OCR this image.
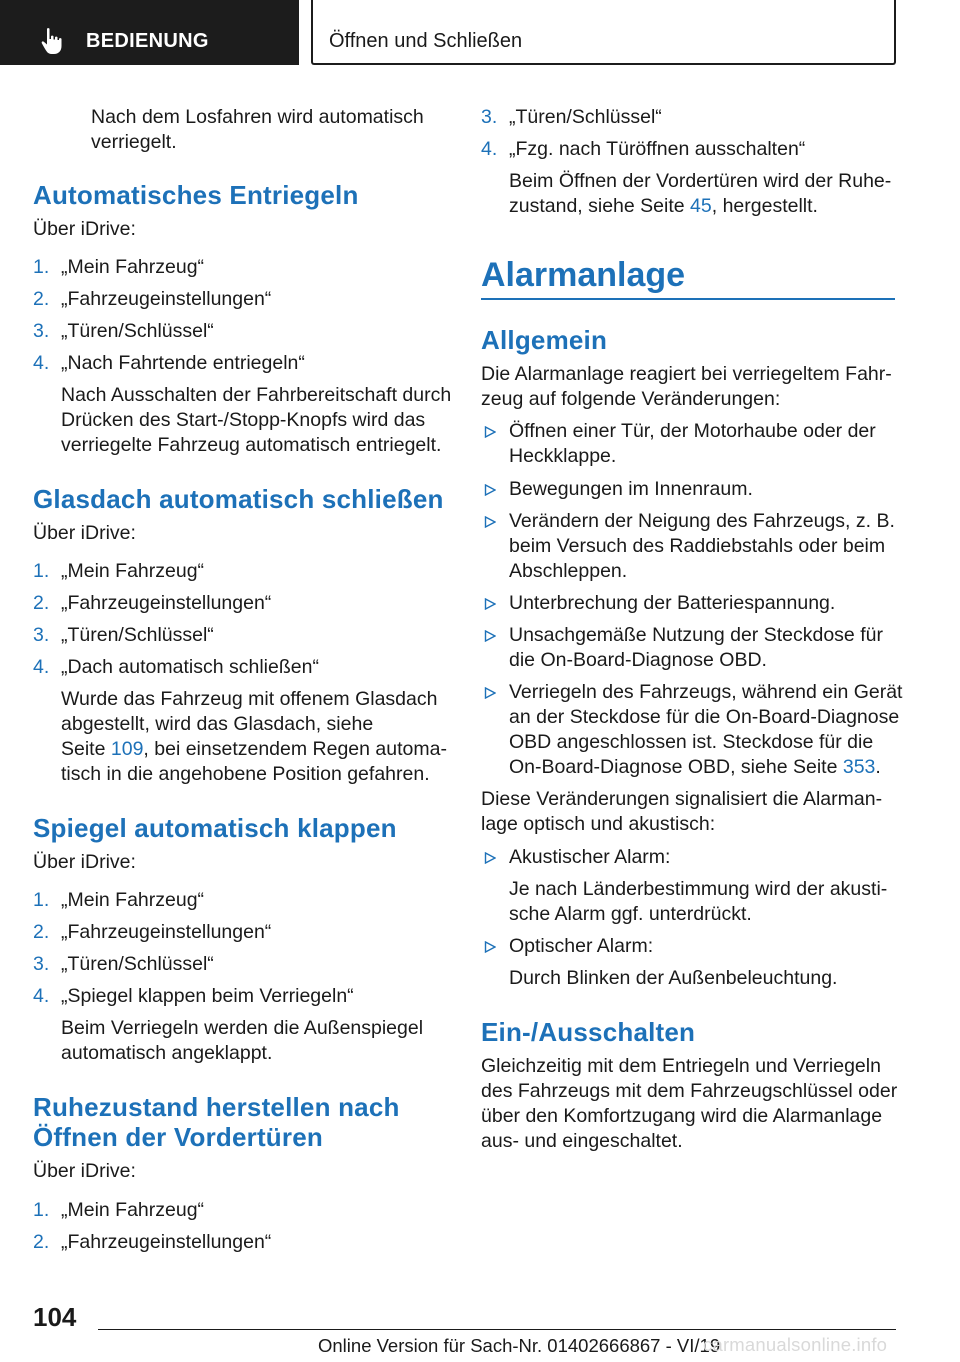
BEDIENUNG	Öffnen und Schließen
Nach dem Losfahren wird automatisch
verriegelt.
Automatisches Entriegeln
Über iDrive:
1. „Mein Fahrzeug“
2. „Fahrzeugeinstellungen“
3. „Türen/Schlüssel“
4. „Nach Fahrtende entriegeln“
Nach Ausschalten der Fahrbereitschaft durch
Drücken des Start-/Stopp-Knopfs wird das
verriegelte Fahrzeug automatisch entriegelt.
Glasdach automatisch schließen
Über iDrive:
1. „Mein Fahrzeug“
2. „Fahrzeugeinstellungen“
3. „Türen/Schlüssel“
4. „Dach automatisch schließen“
Wurde das Fahrzeug mit offenem Glasdach
abgestellt, wird das Glasdach, siehe
Seite 109, bei einsetzendem Regen automa‐
tisch in die angehobene Position gefahren.
Spiegel automatisch klappen
Über iDrive:
1. „Mein Fahrzeug“
2. „Fahrzeugeinstellungen“
3. „Türen/Schlüssel“
4. „Spiegel klappen beim Verriegeln“
Beim Verriegeln werden die Außenspiegel
automatisch angeklappt.
Ruhezustand herstellen nach
Öffnen der Vordertüren
Über iDrive:
1. „Mein Fahrzeug“
2. „Fahrzeugeinstellungen“
3. „Türen/Schlüssel“
4. „Fzg. nach Türöffnen ausschalten“
Beim Öffnen der Vordertüren wird der Ruhe‐
zustand, siehe Seite 45, hergestellt.
Alarmanlage
Allgemein
Die Alarmanlage reagiert bei verriegeltem Fahr‐
zeug auf folgende Veränderungen:
Öffnen einer Tür, der Motorhaube oder der
Heckklappe.
Bewegungen im Innenraum.
Verändern der Neigung des Fahrzeugs, z. B.
beim Versuch des Raddiebstahls oder beim
Abschleppen.
Unterbrechung der Batteriespannung.
Unsachgemäße Nutzung der Steckdose für
die On-Board-Diagnose OBD.
Verriegeln des Fahrzeugs, während ein Gerät
an der Steckdose für die On-Board-Diagnose
OBD angeschlossen ist. Steckdose für die
On-Board-Diagnose OBD, siehe Seite 353.
Diese Veränderungen signalisiert die Alarman‐
lage optisch und akustisch:
Akustischer Alarm:
Je nach Länderbestimmung wird der akusti‐
sche Alarm ggf. unterdrückt.
Optischer Alarm:
Durch Blinken der Außenbeleuchtung.
Ein-/Ausschalten
Gleichzeitig mit dem Entriegeln und Verriegeln
des Fahrzeugs mit dem Fahrzeugschlüssel oder
über den Komfortzugang wird die Alarmanlage
aus- und eingeschaltet.
104
Online Version für Sach-Nr. 01402666867 - VI/19
carmanualsonline.info
